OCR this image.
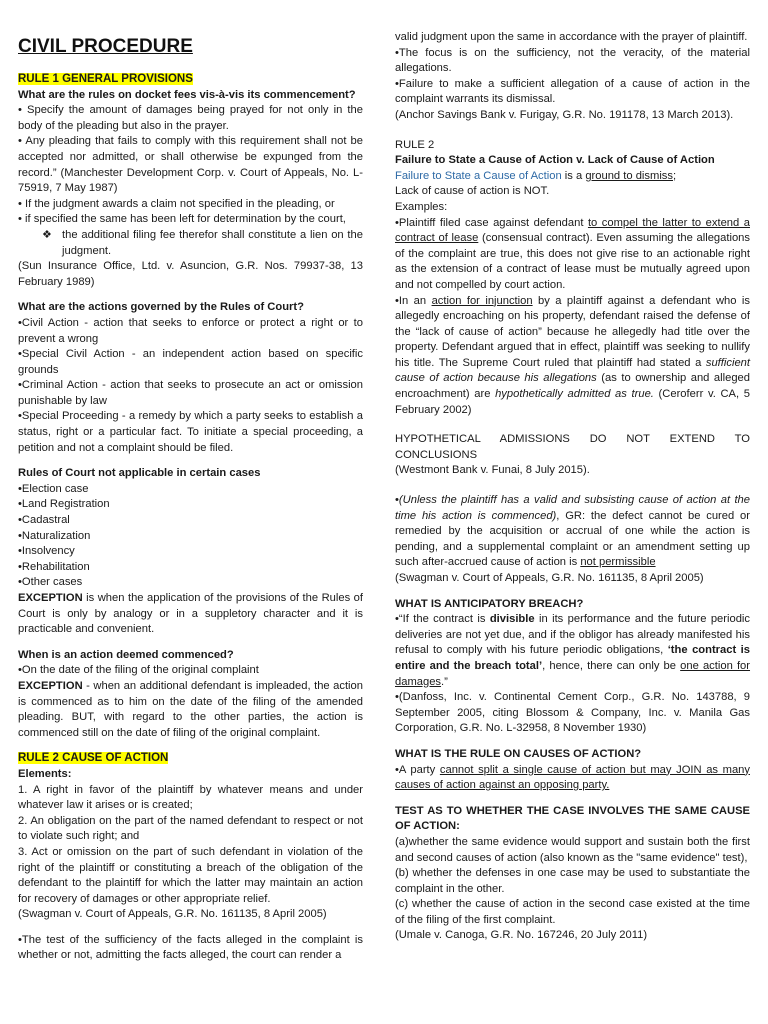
CIVIL PROCEDURE

RULE 1 GENERAL PROVISIONS

What are the rules on docket fees vis-à-vis its commencement?

• Specify the amount of damages being prayed for not only in the body of the pleading but also in the prayer.

• Any pleading that fails to comply with this requirement shall not be accepted nor admitted, or shall otherwise be expunged from the record.” (Manchester Development Corp. v. Court of Appeals, No. L-75919, 7 May 1987)

• If the judgment awards a claim not specified in the pleading, or

• if specified the same has been left for determination by the court,

❖ the additional filing fee therefor shall constitute a lien on the judgment.

(Sun Insurance Office, Ltd. v. Asuncion, G.R. Nos. 79937-38, 13 February 1989)

What are the actions governed by the Rules of Court?

•Civil Action - action that seeks to enforce or protect a right or to prevent a wrong

•Special Civil Action - an independent action based on specific grounds

•Criminal Action - action that seeks to prosecute an act or omission punishable by law

•Special Proceeding - a remedy by which a party seeks to establish a status, right or a particular fact. To initiate a special proceeding, a petition and not a complaint should be filed.

Rules of Court not applicable in certain cases

•Election case

•Land Registration

•Cadastral

•Naturalization

•Insolvency

•Rehabilitation

•Other cases

EXCEPTION is when the application of the provisions of the Rules of Court is only by analogy or in a suppletory character and it is practicable and convenient.

When is an action deemed commenced?

•On the date of the filing of the original complaint

EXCEPTION - when an additional defendant is impleaded, the action is commenced as to him on the date of the filing of the amended pleading. BUT, with regard to the other parties, the action is commenced still on the date of filing of the original complaint.

RULE 2 CAUSE OF ACTION

Elements:

1. A right in favor of the plaintiff by whatever means and under whatever law it arises or is created;

2. An obligation on the part of the named defendant to respect or not to violate such right; and

3. Act or omission on the part of such defendant in violation of the right of the plaintiff or constituting a breach of the obligation of the defendant to the plaintiff for which the latter may maintain an action for recovery of damages or other appropriate relief.

(Swagman v. Court of Appeals, G.R. No. 161135, 8 April 2005)

•The test of the sufficiency of the facts alleged in the complaint is whether or not, admitting the facts alleged, the court can render a

valid judgment upon the same in accordance with the prayer of plaintiff.

•The focus is on the sufficiency, not the veracity, of the material allegations.

•Failure to make a sufficient allegation of a cause of action in the complaint warrants its dismissal.

(Anchor Savings Bank v. Furigay, G.R. No. 191178, 13 March 2013).

RULE 2

Failure to State a Cause of Action v. Lack of Cause of Action

Failure to State a Cause of Action is a ground to dismiss;

Lack of cause of action is NOT.

Examples:

•Plaintiff filed case against defendant to compel the latter to extend a contract of lease (consensual contract). Even assuming the allegations of the complaint are true, this does not give rise to an actionable right as the extension of a contract of lease must be mutually agreed upon and not compelled by court action.

•In an action for injunction by a plaintiff against a defendant who is allegedly encroaching on his property, defendant raised the defense of the “lack of cause of action” because he allegedly had title over the property. Defendant argued that in effect, plaintiff was seeking to nullify his title. The Supreme Court ruled that plaintiff had stated a sufficient cause of action because his allegations (as to ownership and alleged encroachment) are hypothetically admitted as true. (Ceroferr v. CA, 5 February 2002)

HYPOTHETICAL ADMISSIONS DO NOT EXTEND TO CONCLUSIONS

(Westmont Bank v. Funai, 8 July 2015).

•(Unless the plaintiff has a valid and subsisting cause of action at the time his action is commenced), GR: the defect cannot be cured or remedied by the acquisition or accrual of one while the action is pending, and a supplemental complaint or an amendment setting up such after-accrued cause of action is not permissible

(Swagman v. Court of Appeals, G.R. No. 161135, 8 April 2005)

WHAT IS ANTICIPATORY BREACH?

•“If the contract is divisible in its performance and the future periodic deliveries are not yet due, and if the obligor has already manifested his refusal to comply with his future periodic obligations, ‘the contract is entire and the breach total’, hence, there can only be one action for damages.”

•(Danfoss, Inc. v. Continental Cement Corp., G.R. No. 143788, 9 September 2005, citing Blossom & Company, Inc. v. Manila Gas Corporation, G.R. No. L-32958, 8 November 1930)

WHAT IS THE RULE ON CAUSES OF ACTION?

•A party cannot split a single cause of action but may JOIN as many causes of action against an opposing party.

TEST AS TO WHETHER THE CASE INVOLVES THE SAME CAUSE OF ACTION:

(a)whether the same evidence would support and sustain both the first and second causes of action (also known as the "same evidence" test),

(b) whether the defenses in one case may be used to substantiate the complaint in the other.

(c) whether the cause of action in the second case existed at the time of the filing of the first complaint.

(Umale v. Canoga, G.R. No. 167246, 20 July 2011)
